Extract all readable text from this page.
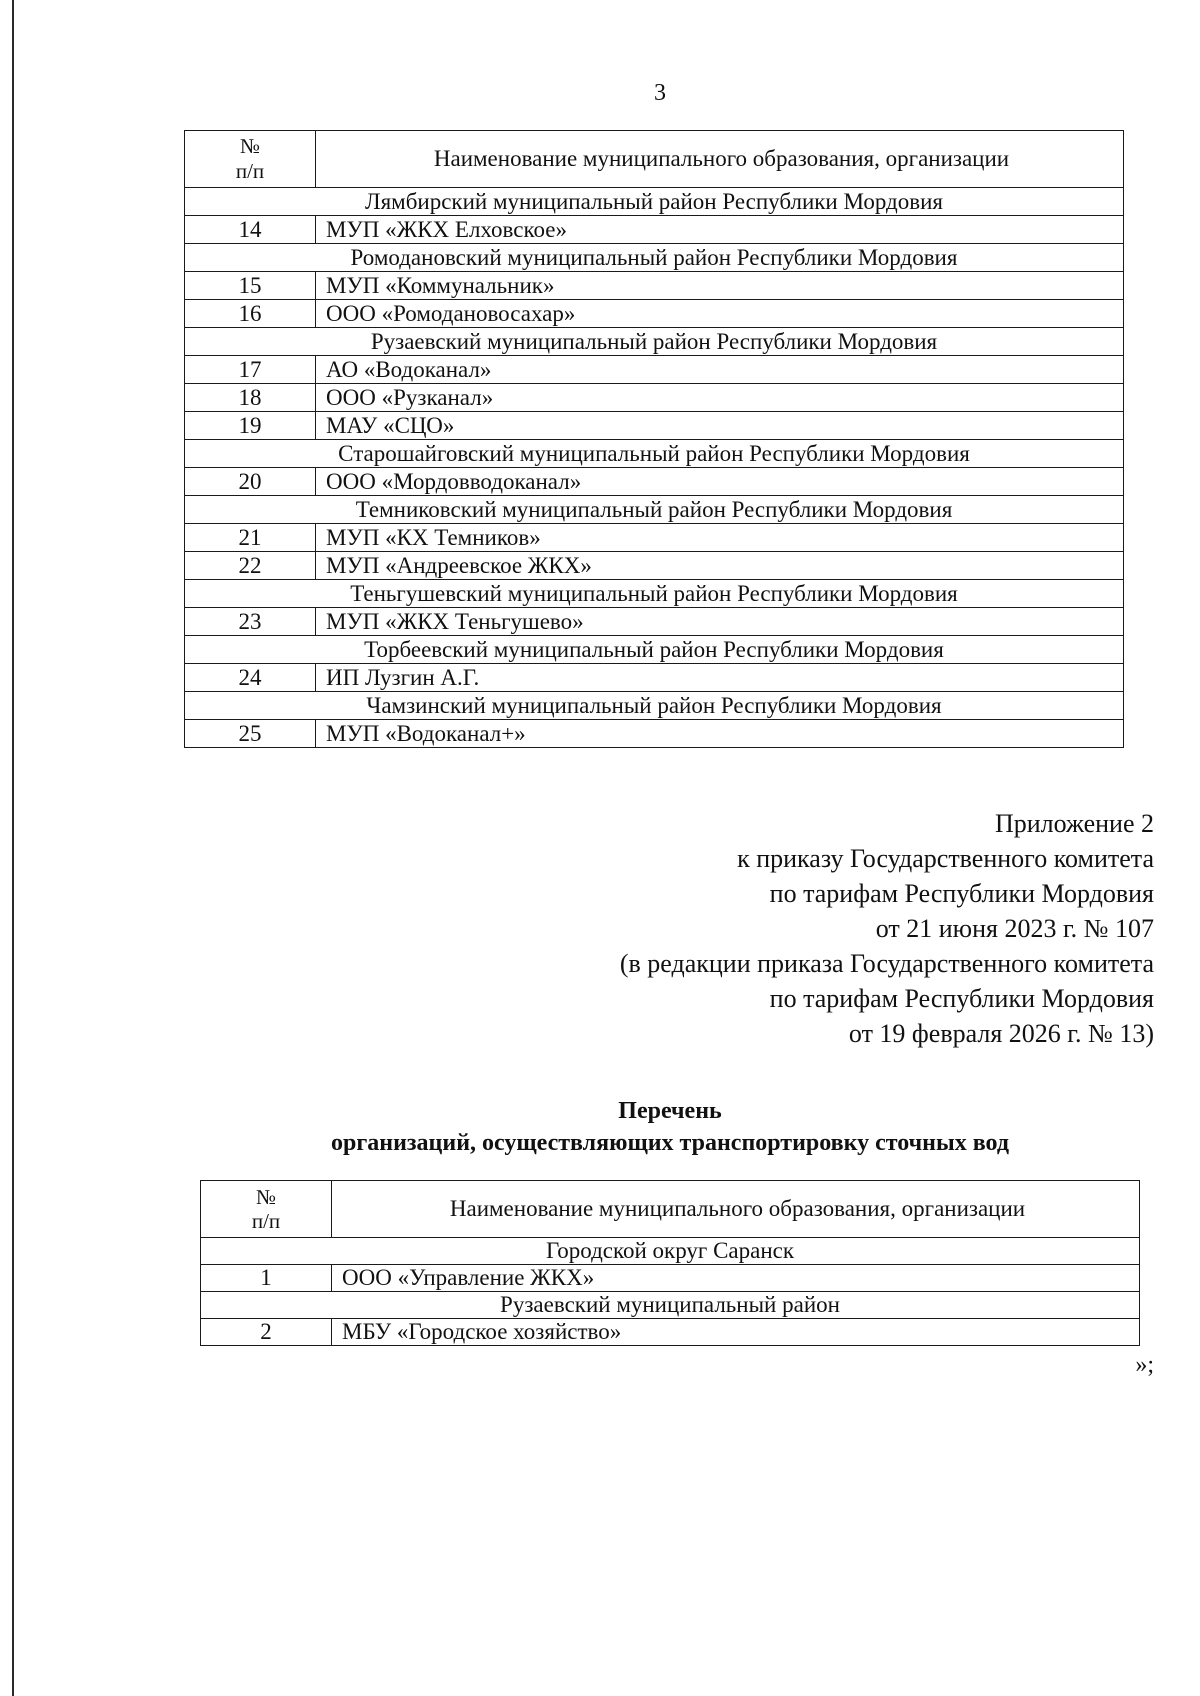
3
№
п/п	Наименование муниципального образования, организации
Лямбирский муниципальный район Республики Мордовия	
14	МУП «ЖКХ Елховское»
Ромодановский муниципальный район Республики Мордовия	
15	МУП «Коммунальник»
16	ООО «Ромодановосахар»
Рузаевский муниципальный район Республики Мордовия	
17	АО «Водоканал»
18	ООО «Рузканал»
19	МАУ «СЦО»
Старошайговский муниципальный район Республики Мордовия	
20	ООО «Мордовводоканал»
Темниковский муниципальный район Республики Мордовия	
21	МУП «КХ Темников»
22	МУП «Андреевское ЖКХ»
Теньгушевский муниципальный район Республики Мордовия	
23	МУП «ЖКХ Теньгушево»
Торбеевский муниципальный район Республики Мордовия	
24	ИП Лузгин А.Г.
Чамзинский муниципальный район Республики Мордовия	
25	МУП «Водоканал+»
Приложение 2
к приказу Государственного комитета
по тарифам Республики Мордовия
от 21 июня 2023 г. № 107
(в редакции приказа Государственного комитета
по тарифам Республики Мордовия
от 19 февраля 2026 г. № 13)
Перечень
организаций, осуществляющих транспортировку сточных вод
№
п/п	Наименование муниципального образования, организации
Городской округ Саранск	
1	ООО «Управление ЖКХ»
Рузаевский муниципальный район	
2	МБУ «Городское хозяйство»
»;
